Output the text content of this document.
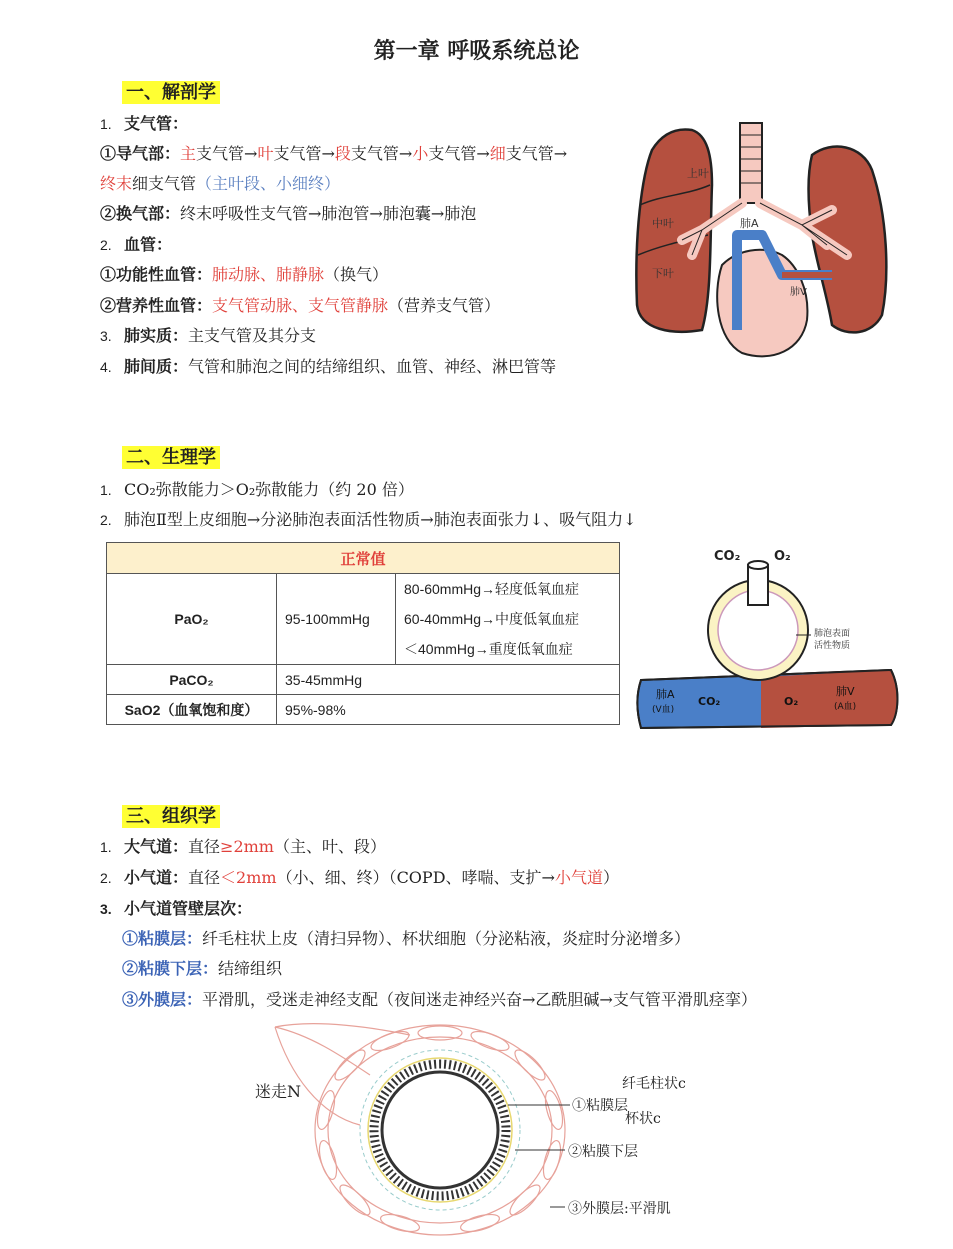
第一章 呼吸系统总论
一、解剖学
1. 支气管：
①导气部：主支气管→叶支气管→段支气管→小支气管→细支气管→
终末细支气管（主叶段、小细终）
②换气部：终末呼吸性支气管→肺泡管→肺泡囊→肺泡
2. 血管：
①功能性血管：肺动脉、肺静脉（换气）
②营养性血管：支气管动脉、支气管静脉（营养支气管）
3. 肺实质：主支气管及其分支
4. 肺间质：气管和肺泡之间的结缔组织、血管、神经、淋巴管等
上叶
中叶
下叶
肺A
肺V
二、生理学
1. CO₂弥散能力＞O₂弥散能力（约 20 倍）
2. 肺泡Ⅱ型上皮细胞→分泌肺泡表面活性物质→肺泡表面张力↓、吸气阻力↓
正常值		
PaO₂	95-100mmHg	80-60mmHg→轻度低氧血症
60-40mmHg→中度低氧血症
＜40mmHg→重度低氧血症

PaCO₂	35-45mmHg	
SaO2（血氧饱和度）	95%-98%	
CO₂	O₂
肺泡表面
活性物质
肺A
(V血)
CO₂	O₂
肺V
(A血)
三、组织学
1. 大气道：直径≥2mm（主、叶、段）
2. 小气道：直径＜2mm（小、细、终）（COPD、哮喘、支扩→小气道）
3. 小气道管壁层次：
①粘膜层：纤毛柱状上皮（清扫异物）、杯状细胞（分泌粘液，炎症时分泌增多）
②粘膜下层：结缔组织
③外膜层：平滑肌，受迷走神经支配（夜间迷走神经兴奋→乙酰胆碱→支气管平滑肌痉挛）
迷走N
①粘膜层
纤毛柱状c
杯状c
②粘膜下层
③外膜层:平滑肌
